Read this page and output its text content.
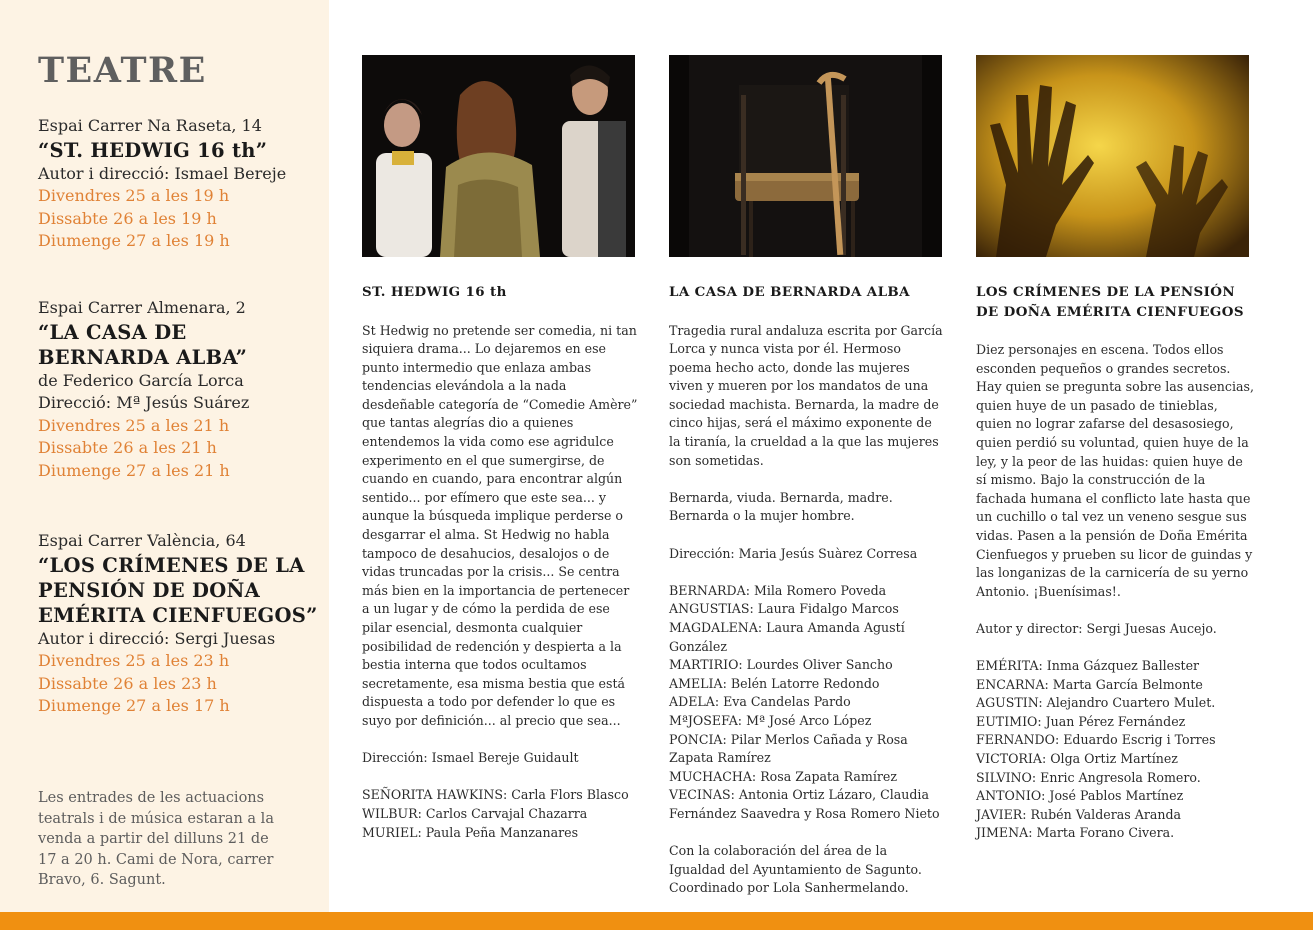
TEATRE
Espai Carrer Na Raseta, 14
“ST. HEDWIG 16 th”
Autor i direcció: Ismael Bereje
Divendres 25 a les 19 h
Dissabte 26 a les 19 h
Diumenge 27 a les 19 h
Espai Carrer Almenara, 2
“LA CASA DE BERNARDA ALBA”
de Federico García Lorca
Direcció: Mª Jesús Suárez
Divendres 25 a les 21 h
Dissabte 26 a les 21 h
Diumenge 27 a les 21 h
Espai Carrer València, 64
“LOS CRÍMENES DE LA PENSIÓN DE DOÑA EMÉRITA CIENFUEGOS”
Autor i direcció: Sergi Juesas
Divendres 25 a les 23 h
Dissabte 26 a les 23 h
Diumenge 27 a les 17 h
Les entrades de les actuacions teatrals i de música estaran a la venda a partir del dilluns 21 de 17 a 20 h. Cami de Nora, carrer Bravo, 6. Sagunt.
ST. HEDWIG 16 th

St Hedwig no pretende ser comedia, ni tan siquiera drama... Lo dejaremos en ese punto intermedio que enlaza ambas tendencias elevándola a la nada desdeñable categoría de “Comedie Amère” que tantas alegrías dio a quienes entendemos la vida como ese agridulce experimento en el que sumergirse, de cuando en cuando, para encontrar algún sentido... por efímero que este sea... y aunque la búsqueda implique perderse o desgarrar el alma. St Hedwig no habla tampoco de desahucios, desalojos o de vidas truncadas por la crisis... Se centra más bien en la importancia de pertenecer a un lugar y de cómo la perdida de ese pilar esencial, desmonta cualquier posibilidad de redención y despierta a la bestia interna que todos ocultamos secretamente, esa misma bestia que está dispuesta a todo por defender lo que es suyo por definición... al precio que sea...

Dirección: Ismael Bereje Guidault

SEÑORITA HAWKINS: Carla Flors Blasco
WILBUR: Carlos Carvajal Chazarra
MURIEL: Paula Peña Manzanares
LA CASA DE BERNARDA ALBA

Tragedia rural andaluza escrita por García Lorca y nunca vista por él. Hermoso poema hecho acto, donde las mujeres viven y mueren por los mandatos de una sociedad machista. Bernarda, la madre de cinco hijas, será el máximo exponente de la tiranía, la crueldad a la que las mujeres son sometidas.

Bernarda, viuda. Bernarda, madre. Bernarda o la mujer hombre.

Dirección: Maria Jesús Suàrez Corresa

BERNARDA: Mila Romero Poveda
ANGUSTIAS: Laura Fidalgo Marcos
MAGDALENA: Laura Amanda Agustí González
MARTIRIO: Lourdes Oliver Sancho
AMELIA: Belén Latorre Redondo
ADELA: Eva Candelas Pardo
MªJOSEFA: Mª José Arco López
PONCIA: Pilar Merlos Cañada y Rosa Zapata Ramírez
MUCHACHA: Rosa Zapata Ramírez
VECINAS: Antonia Ortiz Lázaro, Claudia Fernández Saavedra y Rosa Romero Nieto

Con la colaboración del área de la Igualdad del Ayuntamiento de Sagunto. Coordinado por Lola Sanhermelando.

LOS CRÍMENES DE LA PENSIÓN DE DOÑA EMÉRITA CIENFUEGOS

Diez personajes en escena. Todos ellos esconden pequeños o grandes secretos. Hay quien se pregunta sobre las ausencias, quien huye de un pasado de tinieblas, quien no lograr zafarse del desasosiego, quien perdió su voluntad, quien huye de la ley, y la peor de las huidas: quien huye de sí mismo. Bajo la construcción de la fachada humana el conflicto late hasta que un cuchillo o tal vez un veneno sesgue sus vidas. Pasen a la pensión de Doña Emérita Cienfuegos y prueben su licor de guindas y las longanizas de la carnicería de su yerno Antonio. ¡Buenísimas!.

Autor y director: Sergi Juesas Aucejo.

EMÉRITA: Inma Gázquez Ballester
ENCARNA: Marta García Belmonte
AGUSTIN: Alejandro Cuartero Mulet.
EUTIMIO: Juan Pérez Fernández
FERNANDO: Eduardo Escrig i Torres
VICTORIA: Olga Ortiz Martínez
SILVINO: Enric Angresola Romero.
ANTONIO: José Pablos Martínez
JAVIER: Rubén Valderas Aranda
JIMENA: Marta Forano Civera.
